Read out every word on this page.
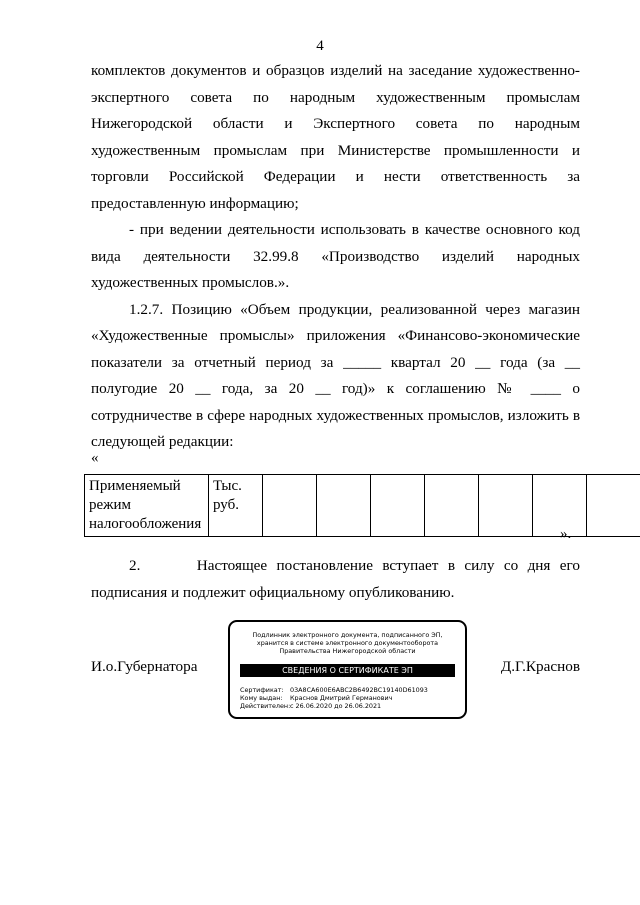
4

комплектов документов и образцов изделий на заседание художественно-экспертного совета по народным художественным промыслам Нижегородской области и Экспертного совета по народным художественным промыслам при Министерстве промышленности и торговли Российской Федерации и нести ответственность за предоставленную информацию;

- при ведении деятельности использовать в качестве основного код вида деятельности 32.99.8 «Производство изделий народных художественных промыслов.».

1.2.7. Позицию «Объем продукции, реализованной через магазин «Художественные промыслы» приложения «Финансово-экономические показатели за отчетный период за _____ квартал 20 __ года (за __ полугодие 20 __ года, за 20 __ год)» к соглашению № ____ о сотрудничестве в сфере народных художественных промыслов, изложить в следующей редакции:

«
Применяемый режим налогообложения	Тыс. руб.							
».

2.      Настоящее постановление вступает в силу со дня его подписания и подлежит официальному опубликованию.

И.о.Губернатора	Д.Г.Краснов
Подлинник электронного документа, подписанного ЭП,
хранится в системе электронного документооборота
Правительства Нижегородской области
СВЕДЕНИЯ О СЕРТИФИКАТЕ ЭП
Сертификат: 03A8CA600E6ABC2B6492BC19140D61093
Кому выдан: Краснов Дмитрий Германович
Действителен:с 26.06.2020 до 26.06.2021
